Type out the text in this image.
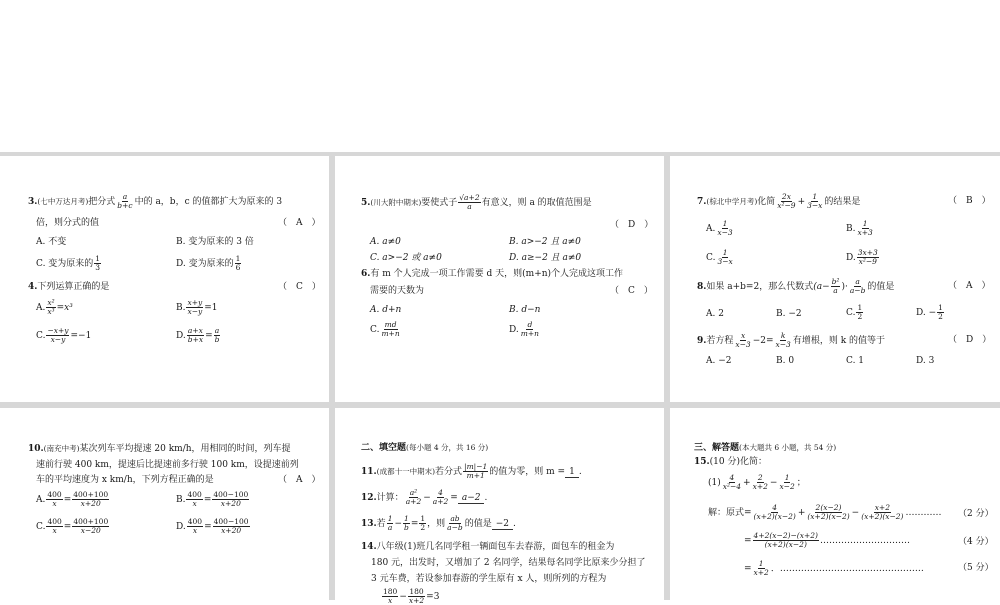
3.(七中万达月考)把分式 $\frac{a}{b+c}$ 中的 a，b，c 的值都扩大为原来的 3
倍，则分式的值	（　A　）
A. 不变	B. 变为原来的 3 倍
C. 变为原来的 $\frac{1}{3}$	D. 变为原来的 $\frac{1}{6}$
4.下列运算正确的是	（　C　）
A. $\frac{\text{x²}}{\text{x³}} =x^3$	B. $\frac{x+y}{x-y} =1$
C. $\frac{-x+y}{x-y} =-1$	D. $\frac{a+x}{b+x} = \frac{a}{b}$
5.(川大附中期末)要使式子 $\frac{√a+2}{a}$ 有意义，则 a 的取值范围是
（　D　）
A. a≠0	B. a>−2 且 a≠0
C. a>−2 或 a≠0	D. a≥−2 且 a≠0
6.有 m 个人完成一项工作需要 d 天，则(m+n)个人完成这项工作
需要的天数为	（　C　）
A. d+n	B. d−n
C. $\frac{md}{m+n}$	D. $\frac{d}{m+n}$
7.(棕北中学月考)化简 $\frac{2x}{\text{x²−9}} + \frac{1}{3-x}$ 的结果是	（　B　）
A. $\frac{1}{x-3}$	B. $\frac{1}{x+3}$
C. $\frac{1}{3-x}$	D. $\frac{3x+3}{\text{x²−9}}$
8.如果 a+b=2，那么代数式($a- \frac{\text{b²}}{a}$ )· $\frac{a}{a-b}$ 的值是	（　A　）
A. 2	B. −2	C. $\frac{1}{2}$	D. − $\frac{1}{2}$
9.若方程 $\frac{x}{x-3} -2= \frac{k}{x-3}$ 有增根，则 k 的值等于	（　D　）
A. −2	B. 0	C. 1	D. 3
10.(南充中考)某次列车平均提速 20 km/h，用相同的时间，列车提
速前行驶 400 km，提速后比提速前多行驶 100 km，设提速前列
车的平均速度为 x km/h，下列方程正确的是	（　A　）
A. $\frac{400}{x} = \frac{400+100}{x+20}$	B. $\frac{400}{x} = \frac{400-100}{x+20}$
C. $\frac{400}{x} = \frac{400+100}{x-20}$	D. $\frac{400}{x} = \frac{400-100}{x+20}$
二、填空题(每小题 4 分，共 16 分)
11.(成都十一中期末)若分式 $\frac{|m|-1}{m+1}$ 的值为零，则 m = 1 .
12.计算： $\frac{\text{a²}}{a+2} - \frac{4}{a+2} = a-2$ .
13.若 $\frac{1}{a} - \frac{1}{b} = \frac{1}{2}$ ，则 $\frac{ab}{a-b}$ 的值是 −2 .
14.八年级(1)班几名同学租一辆面包车去春游，面包车的租金为
180 元，出发时，又增加了 2 名同学，结果每名同学比原来少分担了
3 元车费，若设参加春游的学生原有 x 人，则所列的方程为
$\frac{180}{x} - \frac{180}{x+2} =3$
三、解答题(本大题共 6 小题，共 54 分)
15.(10 分)化简：
$(1) \frac{4}{\text{x²−4}} + \frac{2}{x+2} - \frac{1}{x-2}$ ；
解：原式= $\frac{4}{(x+2)(x-2)} + \frac{2(x-2)}{(x+2)(x-2)} - \frac{x+2}{(x+2)(x-2)}$ ………… （2 分）
= $\frac{4+2(x-2)-(x+2)}{(x+2)(x-2)}$ …………………………	（4 分）
= $\frac{1}{x+2}$ ．…………………………………………	（5 分）
